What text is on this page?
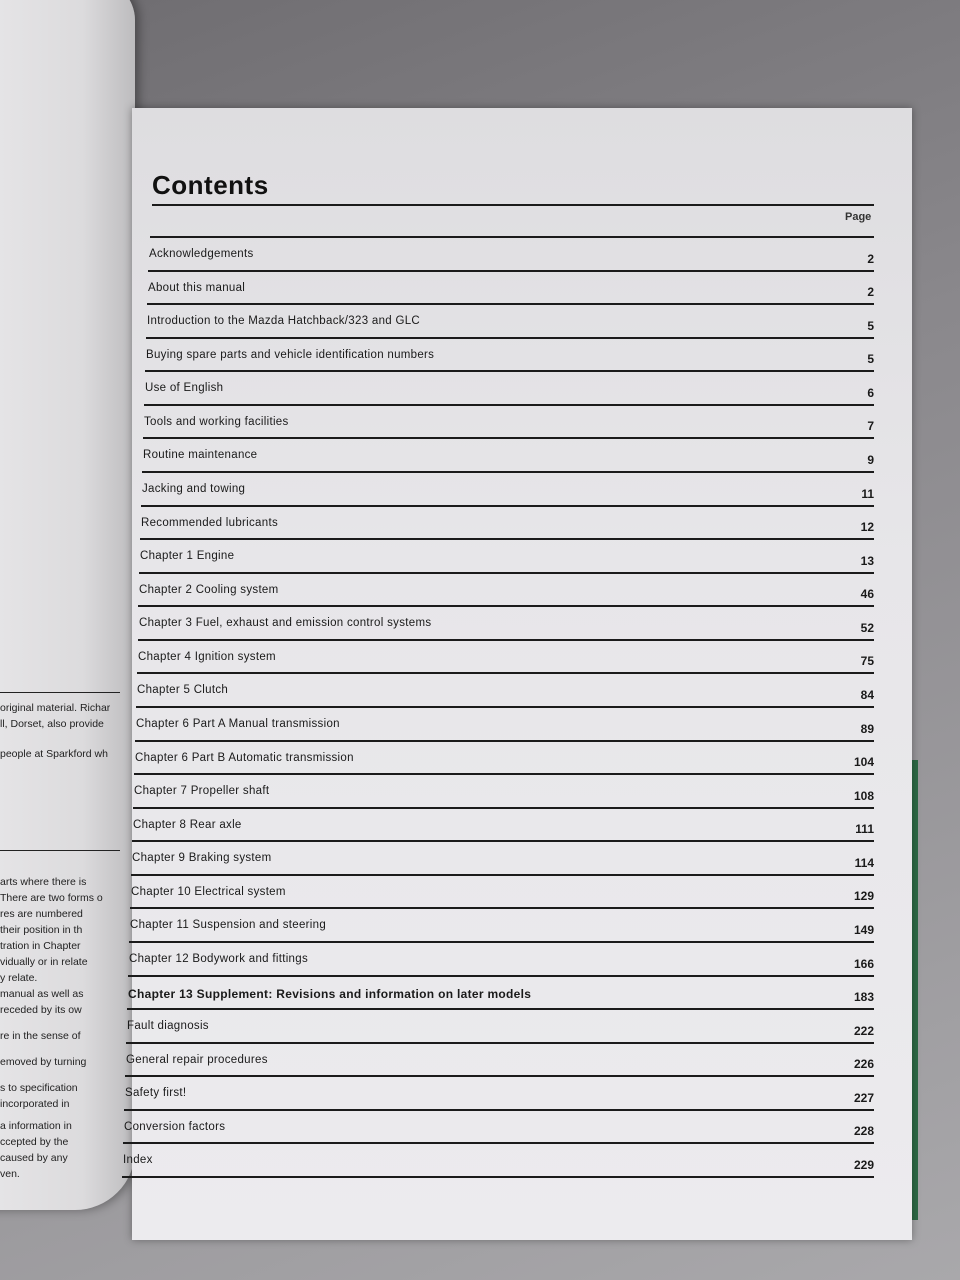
original material. Richar
ll, Dorset, also provide
people at Sparkford wh
arts where there is
There are two forms o
res are numbered
their position in th
tration in Chapter
vidually or in relate
y relate.
manual as well as
receded by its ow
re in the sense of
emoved by turning
s to specification
incorporated in
a information in
ccepted by the
caused by any
ven.
Contents
Page
Acknowledgements	2
About this manual	2
Introduction to the Mazda Hatchback/323 and GLC	5
Buying spare parts and vehicle identification numbers	5
Use of English	6
Tools and working facilities	7
Routine maintenance	9
Jacking and towing	11
Recommended lubricants	12
Chapter 1 Engine	13
Chapter 2 Cooling system	46
Chapter 3 Fuel, exhaust and emission control systems	52
Chapter 4 Ignition system	75
Chapter 5 Clutch	84
Chapter 6 Part A Manual transmission	89
Chapter 6 Part B Automatic transmission	104
Chapter 7 Propeller shaft	108
Chapter 8 Rear axle	111
Chapter 9 Braking system	114
Chapter 10 Electrical system	129
Chapter 11 Suspension and steering	149
Chapter 12 Bodywork and fittings	166
Chapter 13 Supplement: Revisions and information on later models	183
Fault diagnosis	222
General repair procedures	226
Safety first!	227
Conversion factors	228
Index	229
